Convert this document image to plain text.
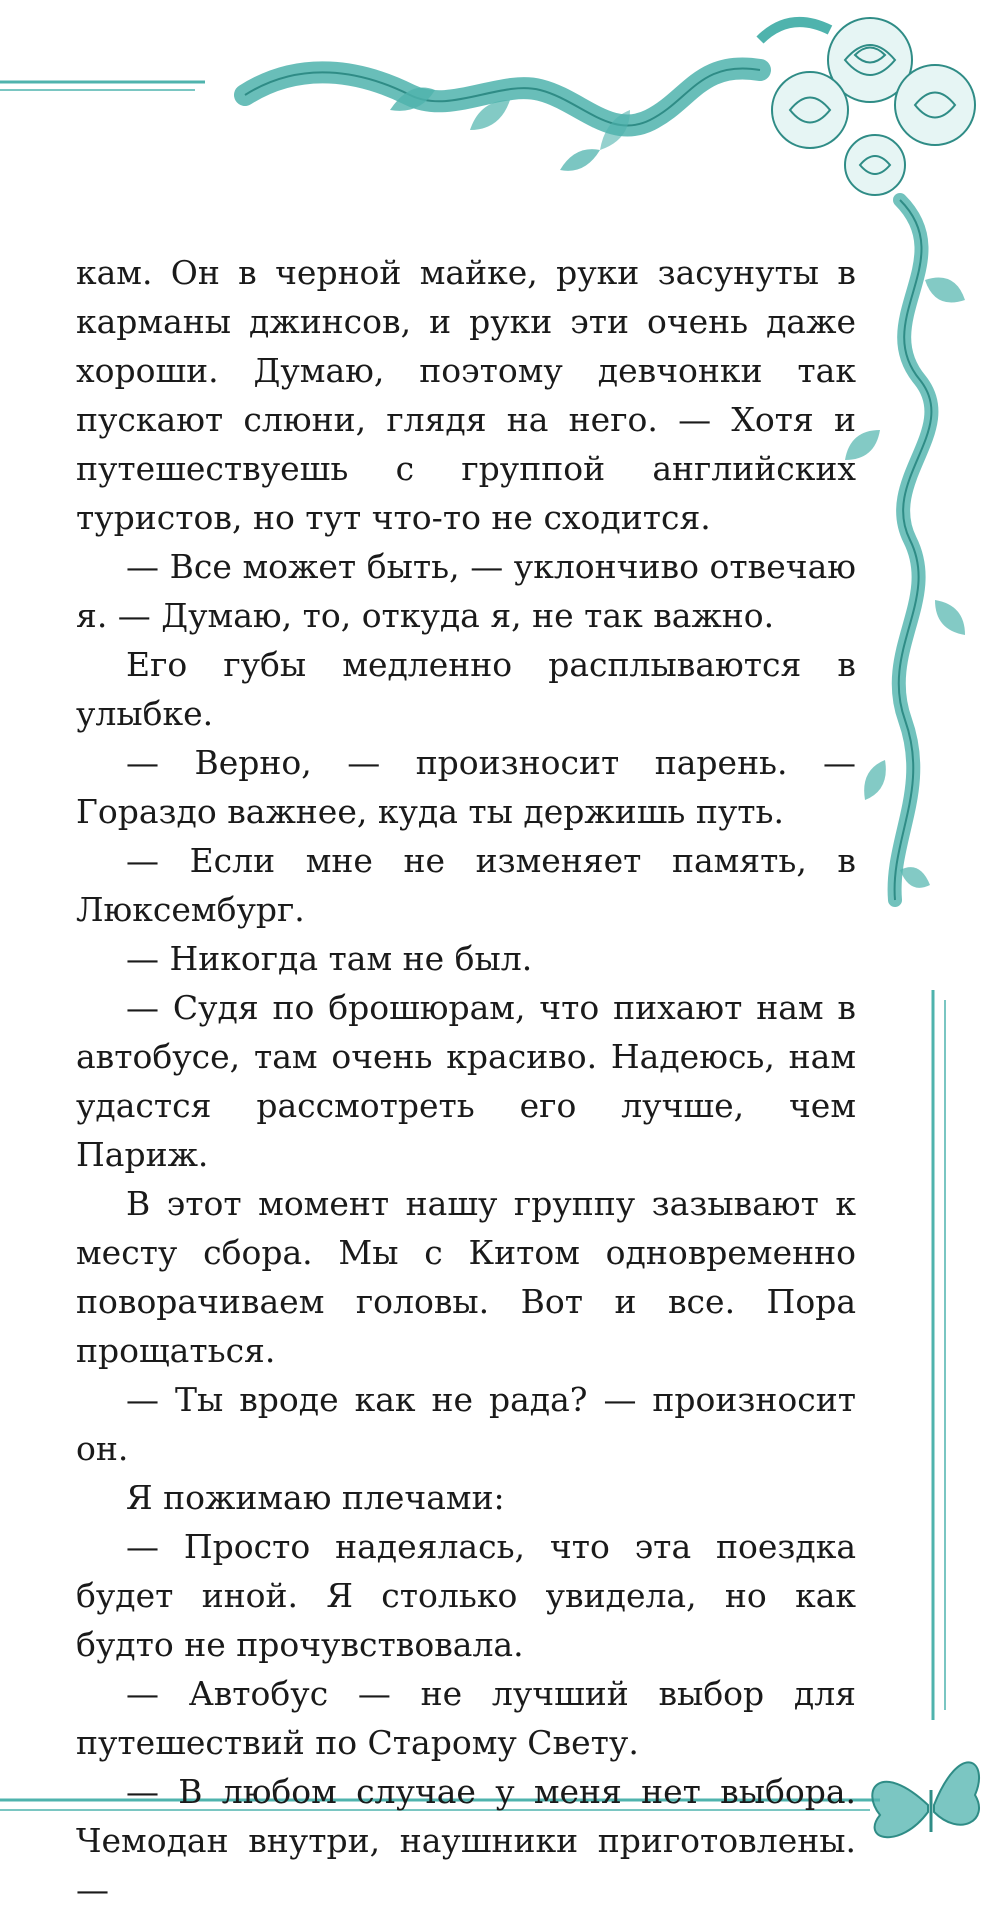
кам. Он в черной майке, руки засунуты в карманы джинсов, и руки эти очень даже хороши. Думаю, поэтому девчонки так пускают слюни, глядя на него. — Хотя и путешествуешь с группой английских туристов, но тут что-то не сходится.

— Все может быть, — уклончиво отвечаю я. — Думаю, то, откуда я, не так важно.

Его губы медленно расплываются в улыбке.

— Верно, — произносит парень. — Гораздо важнее, куда ты держишь путь.

— Если мне не изменяет память, в Люксембург.

— Никогда там не был.

— Судя по брошюрам, что пихают нам в автобусе, там очень красиво. Надеюсь, нам удастся рассмотреть его лучше, чем Париж.

В этот момент нашу группу зазывают к месту сбора. Мы с Китом одновременно поворачиваем головы. Вот и все. Пора прощаться.

— Ты вроде как не рада? — произносит он.

Я пожимаю плечами:

— Просто надеялась, что эта поездка будет иной. Я столько увидела, но как будто не прочувствовала.

— Автобус — не лучший выбор для путешествий по Старому Свету.

— В любом случае у меня нет выбора. Чемодан внутри, наушники приготовлены. —
